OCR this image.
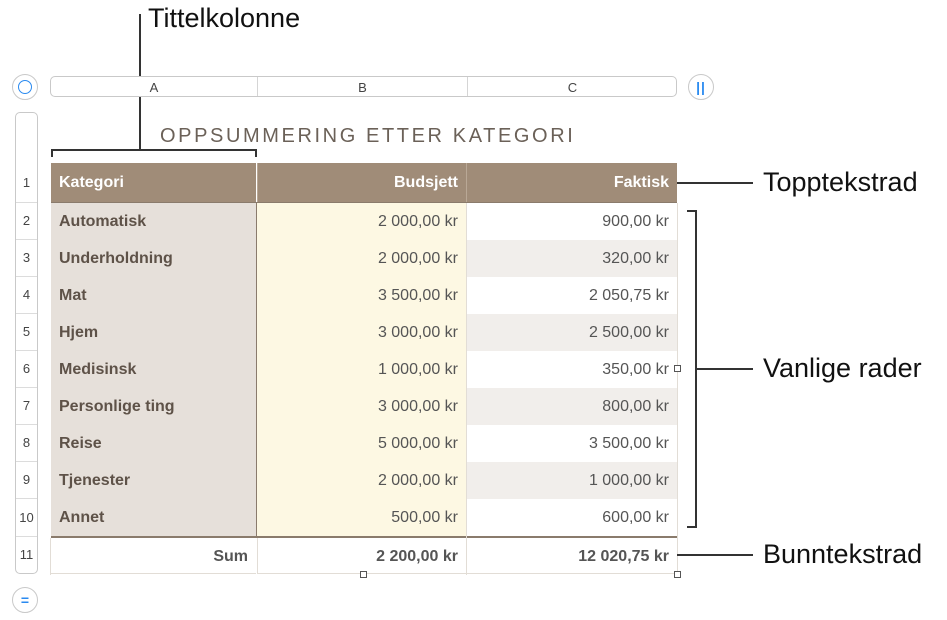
Tittelkolonne
A	B	C	||
1
2
3
4
5
6
7
8
9
10
11
=
OPPSUMMERING ETTER KATEGORI
Kategori	Budsjett	Faktisk
Automatisk	2 000,00 kr	900,00 kr
Underholdning	2 000,00 kr	320,00 kr
Mat	3 500,00 kr	2 050,75 kr
Hjem	3 000,00 kr	2 500,00 kr
Medisinsk	1 000,00 kr	350,00 kr
Personlige ting	3 000,00 kr	800,00 kr
Reise	5 000,00 kr	3 500,00 kr
Tjenester	2 000,00 kr	1 000,00 kr
Annet	500,00 kr	600,00 kr
Sum	2 200,00 kr	12 020,75 kr
Topptekstrad
Vanlige rader
Bunntekstrad
